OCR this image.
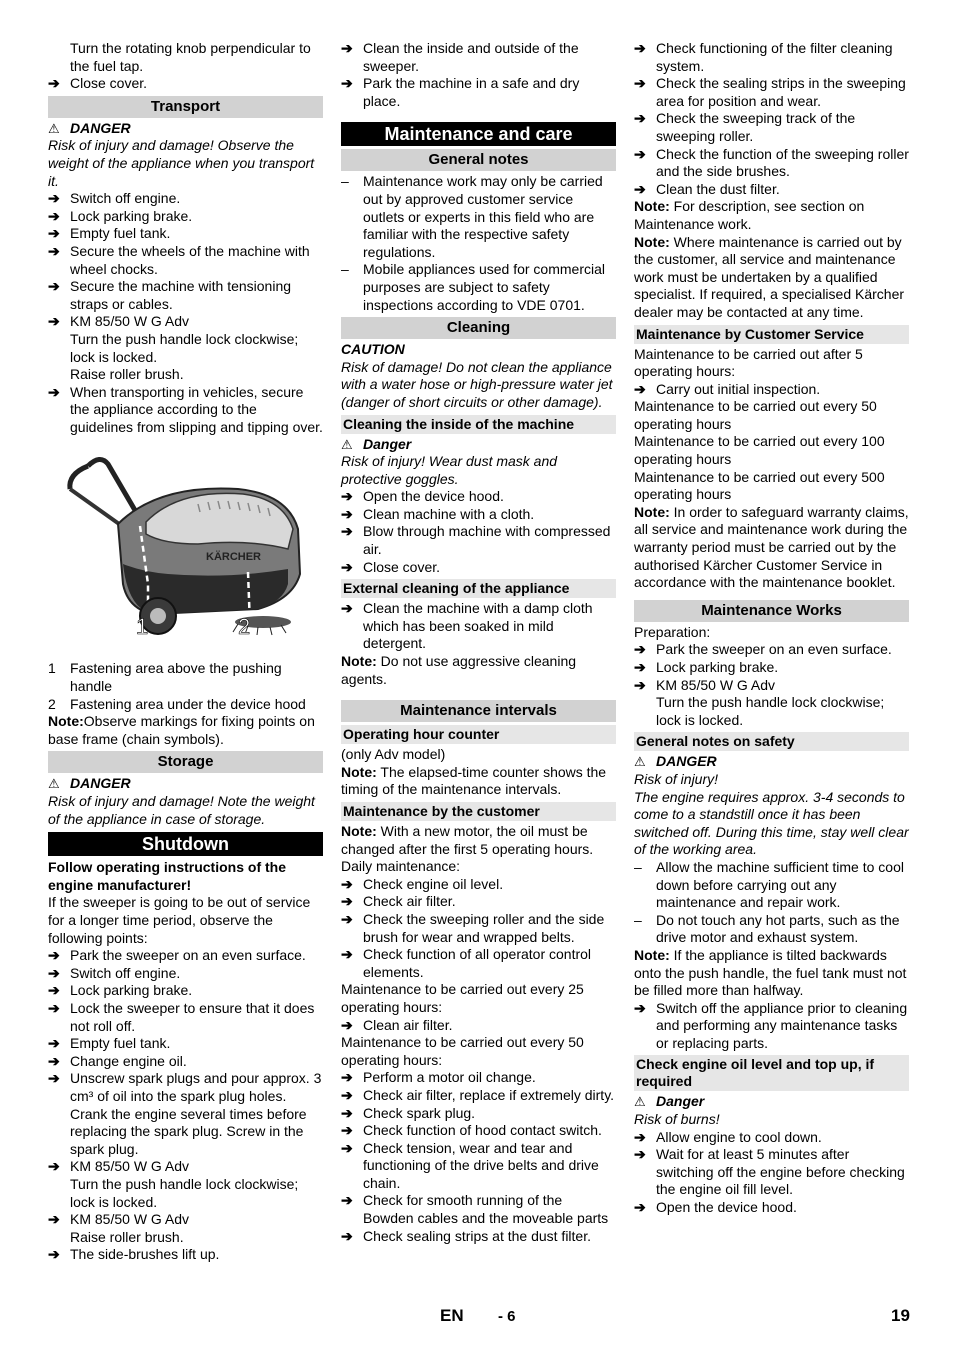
Turn the rotating knob perpendicular to the fuel tap.

➔ Close cover.
Transport

⚠ DANGER

Risk of injury and damage! Observe the weight of the appliance when you transport it.

➔ Switch off engine.
➔ Lock parking brake.
➔ Empty fuel tank.
➔ Secure the wheels of the machine with wheel chocks.
➔ Secure the machine with tensioning straps or cables.
➔ KM 85/50 W G Adv

Turn the push handle lock clockwise; lock is locked.

Raise roller brush.

➔ When transporting in vehicles, secure the appliance according to the guidelines from slipping and tipping over.
KÄRCHER
1	2
1	Fastening area above the pushing handle
2	Fastening area under the device hood

Note:Observe markings for fixing points on base frame (chain symbols).

Storage

⚠ DANGER

Risk of injury and damage! Note the weight of the appliance in case of storage.

Shutdown

Follow operating instructions of the engine manufacturer!

If the sweeper is going to be out of service for a longer time period, observe the following points:

➔ Park the sweeper on an even surface.
➔ Switch off engine.
➔ Lock parking brake.
➔ Lock the sweeper to ensure that it does not roll off.
➔ Empty fuel tank.
➔ Change engine oil.
➔ Unscrew spark plugs and pour approx. 3 cm³ of oil into the spark plug holes. Crank the engine several times before replacing the spark plug. Screw in the spark plug.
➔ KM 85/50 W G Adv

Turn the push handle lock clockwise; lock is locked.

➔ KM 85/50 W G Adv

Raise roller brush.

➔ The side-brushes lift up.
➔ Clean the inside and outside of the sweeper.
➔ Park the machine in a safe and dry place.
Maintenance and care
General notes
–	Maintenance work may only be carried out by approved customer service outlets or experts in this field who are familiar with the respective safety regulations.
–	Mobile appliances used for commercial purposes are subject to safety inspections according to VDE 0701.
Cleaning

CAUTION

Risk of damage! Do not clean the appliance with a water hose or high-pressure water jet (danger of short circuits or other damage).

Cleaning the inside of the machine

⚠ Danger

Risk of injury! Wear dust mask and protective goggles.

➔ Open the device hood.
➔ Clean machine with a cloth.
➔ Blow through machine with compressed air.
➔ Close cover.
External cleaning of the appliance
➔ Clean the machine with a damp cloth which has been soaked in mild detergent.

Note: Do not use aggressive cleaning agents.

Maintenance intervals
Operating hour counter

(only Adv model)

Note: The elapsed-time counter shows the timing of the maintenance intervals.

Maintenance by the customer

Note: With a new motor, the oil must be changed after the first 5 operating hours.

Daily maintenance:

➔ Check engine oil level.
➔ Check air filter.
➔ Check the sweeping roller and the side brush for wear and wrapped belts.
➔ Check function of all operator control elements.

Maintenance to be carried out every 25 operating hours:

➔ Clean air filter.

Maintenance to be carried out every 50 operating hours:

➔ Perform a motor oil change.
➔ Check air filter, replace if extremely dirty.
➔ Check spark plug.
➔ Check function of hood contact switch.
➔ Check tension, wear and tear and functioning of the drive belts and drive chain.
➔ Check for smooth running of the Bowden cables and the moveable parts
➔ Check sealing strips at the dust filter.
➔ Check functioning of the filter cleaning system.
➔ Check the sealing strips in the sweeping area for position and wear.
➔ Check the sweeping track of the sweeping roller.
➔ Check the function of the sweeping roller and the side brushes.
➔ Clean the dust filter.

Note: For description, see section on Maintenance work.

Note: Where maintenance is carried out by the customer, all service and maintenance work must be undertaken by a qualified specialist. If required, a specialised Kärcher dealer may be contacted at any time.

Maintenance by Customer Service

Maintenance to be carried out after 5 operating hours:

➔ Carry out initial inspection.

Maintenance to be carried out every 50 operating hours

Maintenance to be carried out every 100 operating hours

Maintenance to be carried out every 500 operating hours

Note: In order to safeguard warranty claims, all service and maintenance work during the warranty period must be carried out by the authorised Kärcher Customer Service in accordance with the maintenance booklet.

Maintenance Works

Preparation:

➔ Park the sweeper on an even surface.
➔ Lock parking brake.
➔ KM 85/50 W G Adv

Turn the push handle lock clockwise; lock is locked.

General notes on safety

⚠ DANGER

Risk of injury!

The engine requires approx. 3-4 seconds to come to a standstill once it has been switched off. During this time, stay well clear of the working area.

–	Allow the machine sufficient time to cool down before carrying out any maintenance and repair work.
–	Do not touch any hot parts, such as the drive motor and exhaust system.

Note: If the appliance is tilted backwards onto the push handle, the fuel tank must not be filled more than halfway.

➔ Switch off the appliance prior to cleaning and performing any maintenance tasks or replacing parts.
Check engine oil level and top up, if required

⚠ Danger

Risk of burns!

➔ Allow engine to cool down.
➔ Wait for at least 5 minutes after switching off the engine before checking the engine oil fill level.
➔ Open the device hood.
EN - 6	19
